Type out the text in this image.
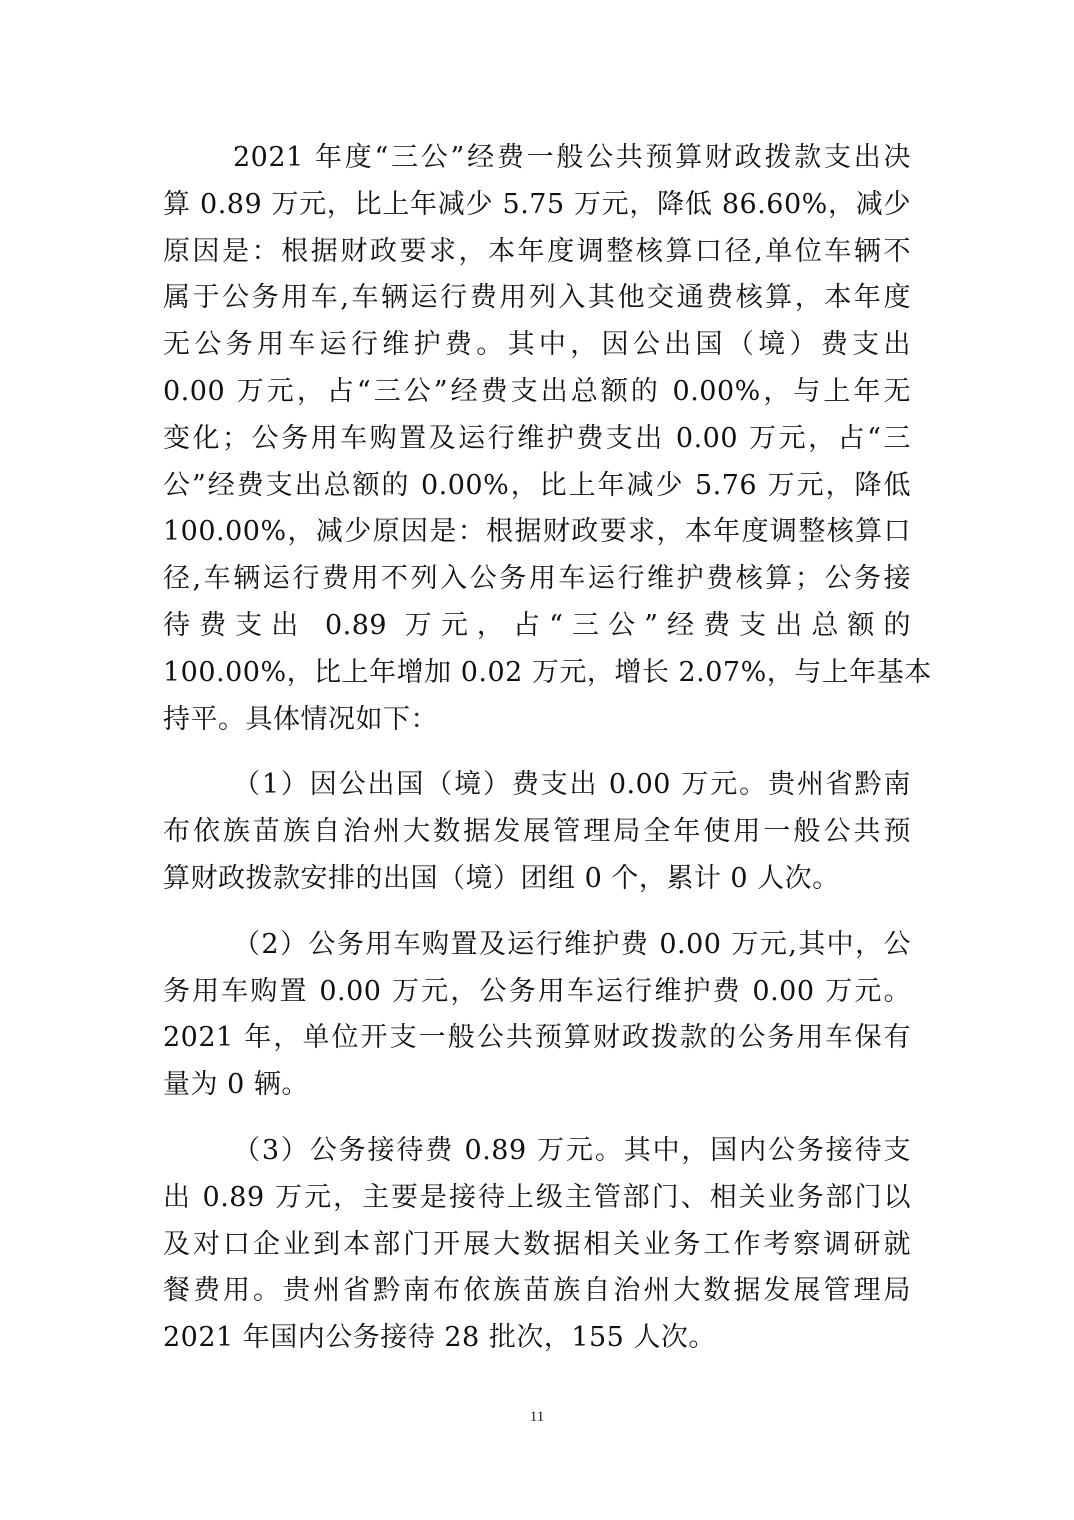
2021 年度“三公”经费一般公共预算财政拨款支出决
算 0.89 万元，比上年减少 5.75 万元，降低 86.60%，减少
原因是：根据财政要求，本年度调整核算口径,单位车辆不
属于公务用车,车辆运行费用列入其他交通费核算，本年度
无公务用车运行维护费。其中，因公出国（境）费支出
0.00 万元，占“三公”经费支出总额的 0.00%，与上年无
变化；公务用车购置及运行维护费支出 0.00 万元，占“三
公”经费支出总额的 0.00%，比上年减少 5.76 万元，降低
100.00%，减少原因是：根据财政要求，本年度调整核算口
径,车辆运行费用不列入公务用车运行维护费核算；公务接
待费支出 0.89 万元，占“三公”经费支出总额的
100.00%，比上年增加 0.02 万元，增长 2.07%，与上年基本
持平。具体情况如下：
（1）因公出国（境）费支出 0.00 万元。贵州省黔南
布依族苗族自治州大数据发展管理局全年使用一般公共预
算财政拨款安排的出国（境）团组 0 个，累计 0 人次。
（2）公务用车购置及运行维护费 0.00 万元,其中，公
务用车购置 0.00 万元，公务用车运行维护费 0.00 万元。
2021 年，单位开支一般公共预算财政拨款的公务用车保有
量为 0 辆。
（3）公务接待费 0.89 万元。其中，国内公务接待支
出 0.89 万元，主要是接待上级主管部门、相关业务部门以
及对口企业到本部门开展大数据相关业务工作考察调研就
餐费用。贵州省黔南布依族苗族自治州大数据发展管理局
2021 年国内公务接待 28 批次，155 人次。
11
